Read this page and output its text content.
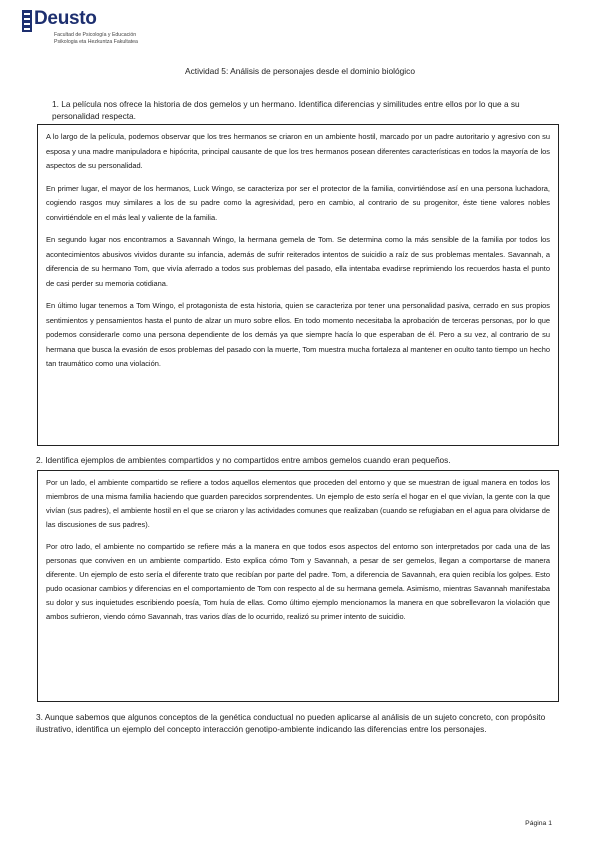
Deusto
Facultad de Psicología y Educación
Psikologia eta Hezkuntza Fakultatea
Actividad 5: Análisis de personajes desde el dominio biológico
1. La película nos ofrece la historia de dos gemelos y un hermano. Identifica diferencias y similitudes entre ellos por lo que a su personalidad respecta.

A lo largo de la película, podemos observar que los tres hermanos se criaron en un ambiente hostil, marcado por un padre autoritario y agresivo con su esposa y una madre manipuladora e hipócrita, principal causante de que los tres hermanos posean diferentes características en todos la mayoría de los aspectos de su personalidad.

En primer lugar, el mayor de los hermanos, Luck Wingo, se caracteriza por ser el protector de la familia, convirtiéndose así en una persona luchadora, cogiendo rasgos muy similares a los de su padre como la agresividad, pero en cambio, al contrario de su progenitor, éste tiene valores nobles convirtiéndole en el más leal y valiente de la familia.

En segundo lugar nos encontramos a Savannah Wingo, la hermana gemela de Tom. Se determina como la más sensible de la familia por todos los acontecimientos abusivos vividos durante su infancia, además de sufrir reiterados intentos de suicidio a raíz de sus problemas mentales. Savannah, a diferencia de su hermano Tom, que vivía aferrado a todos sus problemas del pasado, ella intentaba evadirse reprimiendo los recuerdos hasta el punto de casi perder su memoria cotidiana.

En último lugar tenemos a Tom Wingo, el protagonista de esta historia, quien se caracteriza por tener una personalidad pasiva, cerrado en sus propios sentimientos y pensamientos hasta el punto de alzar un muro sobre ellos. En todo momento necesitaba la aprobación de terceras personas, por lo que podemos considerarle como una persona dependiente de los demás ya que siempre hacía lo que esperaban de él. Pero a su vez, al contrario de su hermana que busca la evasión de esos problemas del pasado con la muerte, Tom muestra mucha fortaleza al mantener en oculto tanto tiempo un hecho tan traumático como una violación.

2. Identifica ejemplos de ambientes compartidos y no compartidos entre ambos gemelos cuando eran pequeños.

Por un lado, el ambiente compartido se refiere a todos aquellos elementos que proceden del entorno y que se muestran de igual manera en todos los miembros de una misma familia haciendo que guarden parecidos sorprendentes. Un ejemplo de esto sería el hogar en el que vivían, la gente con la que vivían (sus padres), el ambiente hostil en el que se criaron y las actividades comunes que realizaban (cuando se refugiaban en el agua para olvidarse de las discusiones de sus padres).

Por otro lado, el ambiente no compartido se refiere más a la manera en que todos esos aspectos del entorno son interpretados por cada una de las personas que conviven en un ambiente compartido. Esto explica cómo Tom y Savannah, a pesar de ser gemelos, llegan a comportarse de manera diferente. Un ejemplo de esto sería el diferente trato que recibían por parte del padre. Tom, a diferencia de Savannah, era quien recibía los golpes. Esto pudo ocasionar cambios y diferencias en el comportamiento de Tom con respecto al de su hermana gemela. Asimismo, mientras Savannah manifestaba su dolor y sus inquietudes escribiendo poesía, Tom huía de ellas. Como último ejemplo mencionamos la manera en que sobrellevaron la violación que ambos sufrieron, viendo cómo Savannah, tras varios días de lo ocurrido, realizó su primer intento de suicidio.

3. Aunque sabemos que algunos conceptos de la genética conductual no pueden aplicarse al análisis de un sujeto concreto, con propósito ilustrativo, identifica un ejemplo del concepto interacción genotipo-ambiente indicando las diferencias entre los personajes.
Página 1
